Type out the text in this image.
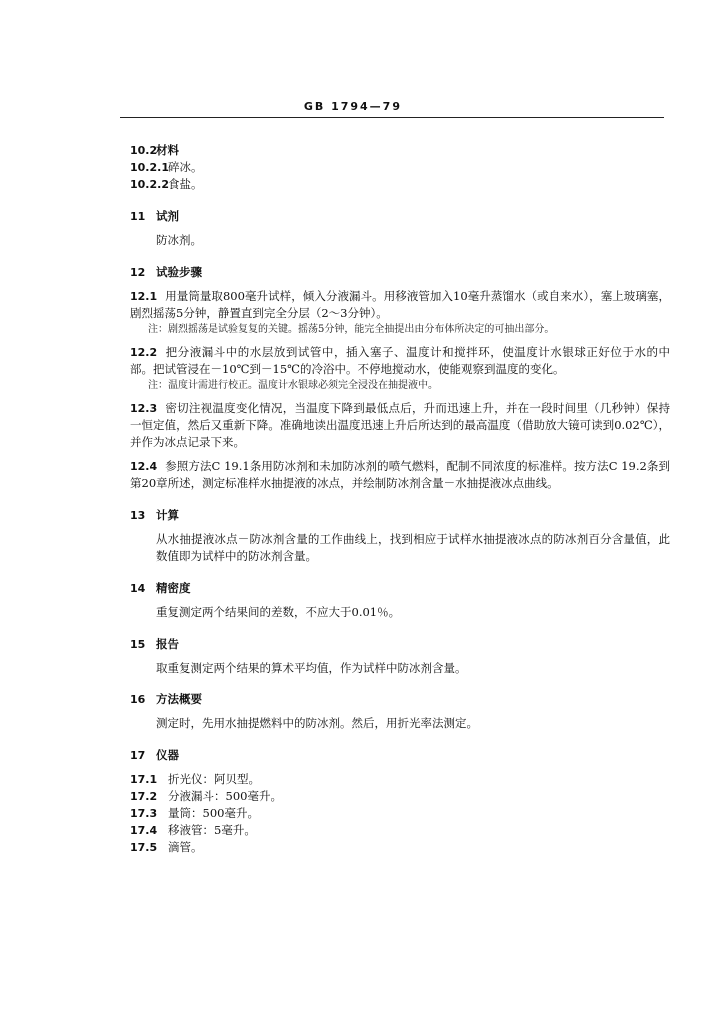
GB 1794—79
10.2
材料
10.2.1 碎冰。
10.2.2 食盐。
11 试剂
防冰剂。
12 试验步骤
12.1 用量筒量取800毫升试样，倾入分液漏斗。用移液管加入10毫升蒸馏水（或自来水），塞上玻璃塞，剧烈摇荡5分钟，静置直到完全分层（2～3分钟）。
注：剧烈摇荡是试验复复的关键。摇荡5分钟，能完全抽提出由分布体所决定的可抽出部分。
12.2 把分液漏斗中的水层放到试管中，插入塞子、温度计和搅拌环，使温度计水银球正好位于水的中部。把试管浸在－10℃到－15℃的冷浴中。不停地搅动水，使能观察到温度的变化。
注：温度计需进行校正。温度计水银球必须完全浸没在抽提液中。
12.3 密切注视温度变化情况，当温度下降到最低点后，升而迅速上升，并在一段时间里（几秒钟）保持一恒定值，然后又重新下降。准确地读出温度迅速上升后所达到的最高温度（借助放大镜可读到0.02℃），并作为冰点记录下来。
12.4 参照方法C 19.1条用防冰剂和未加防冰剂的喷气燃料，配制不同浓度的标准样。按方法C 19.2条到第20章所述，测定标准样水抽提液的冰点，并绘制防冰剂含量－水抽提液冰点曲线。
13 计算
从水抽提液冰点－防冰剂含量的工作曲线上，找到相应于试样水抽提液冰点的防冰剂百分含量值，此数值即为试样中的防冰剂含量。
14 精密度
重复测定两个结果间的差数，不应大于0.01％。
15 报告
取重复测定两个结果的算术平均值，作为试样中防冰剂含量。
16 方法概要
测定时，先用水抽提燃料中的防冰剂。然后，用折光率法测定。
17 仪器
17.1 折光仪：阿贝型。
17.2 分液漏斗：500毫升。
17.3 量筒：500毫升。
17.4 移液管：5毫升。
17.5 滴管。
